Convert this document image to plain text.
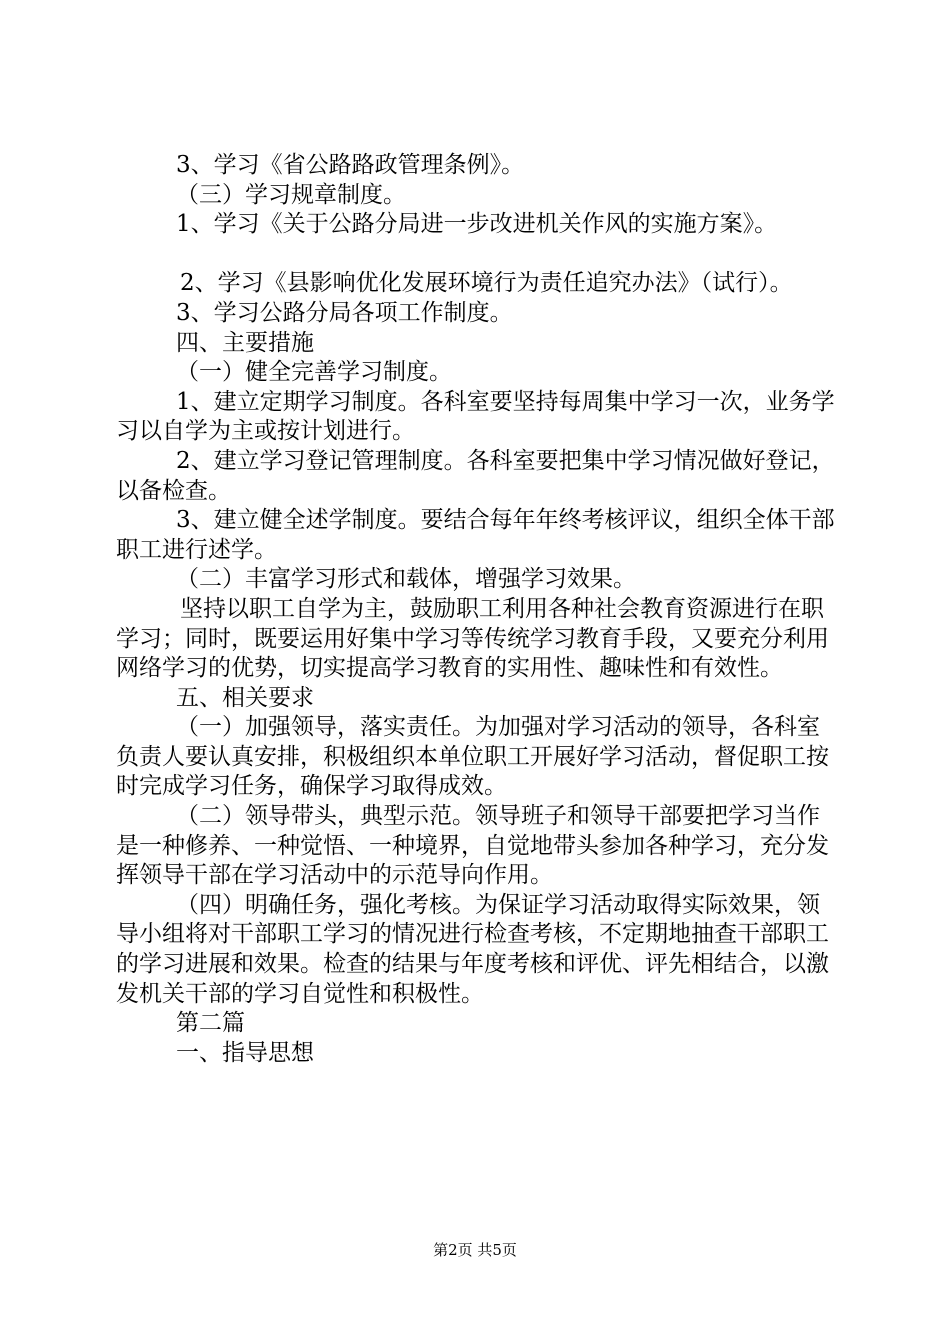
3、学习《省公路路政管理条例》。

（三）学习规章制度。

1、学习《关于公路分局进一步改进机关作风的实施方案》。

2、学习《县影响优化发展环境行为责任追究办法》（试行）。

3、学习公路分局各项工作制度。

四、主要措施

（一）健全完善学习制度。

1、建立定期学习制度。各科室要坚持每周集中学习一次，业务学习以自学为主或按计划进行。

2、建立学习登记管理制度。各科室要把集中学习情况做好登记，以备检查。

3、建立健全述学制度。要结合每年年终考核评议，组织全体干部职工进行述学。

（二）丰富学习形式和载体，增强学习效果。

坚持以职工自学为主，鼓励职工利用各种社会教育资源进行在职学习；同时，既要运用好集中学习等传统学习教育手段，又要充分利用网络学习的优势，切实提高学习教育的实用性、趣味性和有效性。

五、相关要求

（一）加强领导，落实责任。为加强对学习活动的领导，各科室负责人要认真安排，积极组织本单位职工开展好学习活动，督促职工按时完成学习任务，确保学习取得成效。

（二）领导带头，典型示范。领导班子和领导干部要把学习当作是一种修养、一种觉悟、一种境界，自觉地带头参加各种学习，充分发挥领导干部在学习活动中的示范导向作用。

（四）明确任务，强化考核。为保证学习活动取得实际效果，领导小组将对干部职工学习的情况进行检查考核，不定期地抽查干部职工的学习进展和效果。检查的结果与年度考核和评优、评先相结合，以激发机关干部的学习自觉性和积极性。

第二篇

一、指导思想

第2页 共5页
